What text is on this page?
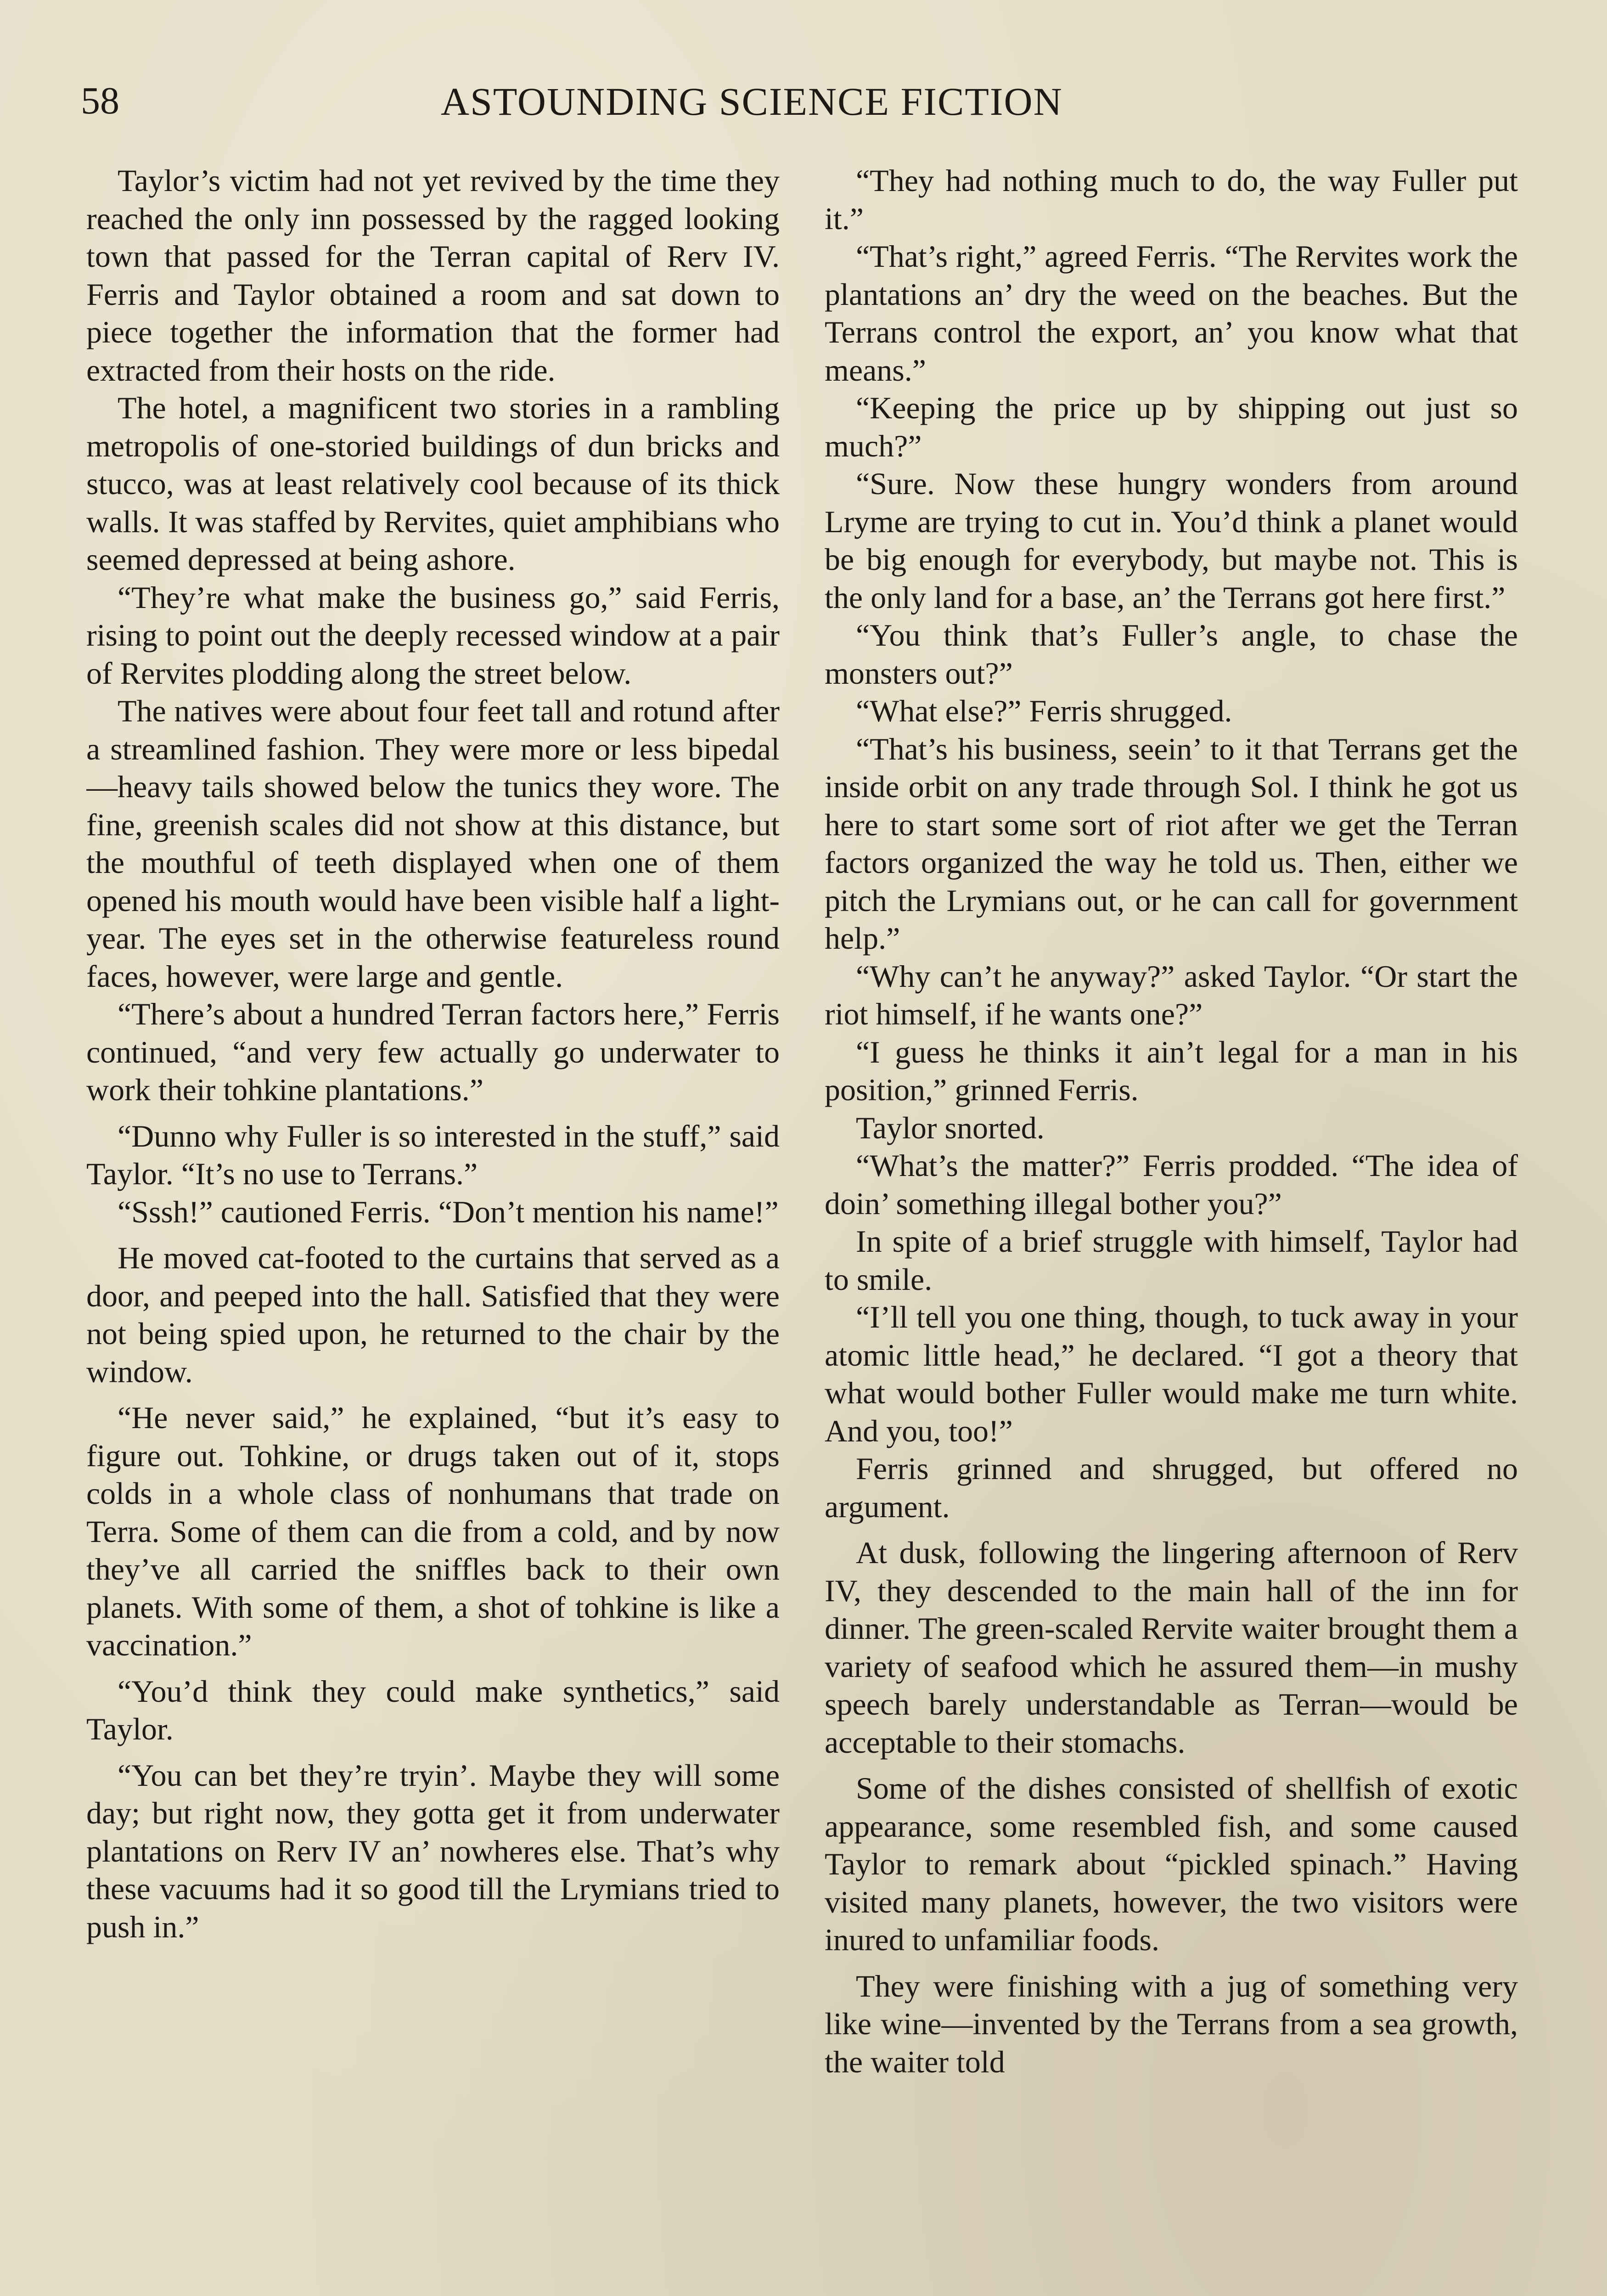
58	ASTOUNDING SCIENCE FICTION

Taylor’s victim had not yet revived by the time they reached the only inn possessed by the ragged looking town that passed for the Terran capital of Rerv IV. Ferris and Taylor obtained a room and sat down to piece together the information that the former had extracted from their hosts on the ride.

The hotel, a magnificent two stories in a rambling metropolis of one-storied buildings of dun bricks and stucco, was at least relatively cool because of its thick walls. It was staffed by Rervites, quiet amphibians who seemed depressed at being ashore.

“They’re what make the business go,” said Ferris, rising to point out the deeply recessed window at a pair of Rervites plodding along the street below.

The natives were about four feet tall and rotund after a streamlined fashion. They were more or less bipedal—heavy tails showed below the tunics they wore. The fine, greenish scales did not show at this distance, but the mouthful of teeth displayed when one of them opened his mouth would have been visible half a light-year. The eyes set in the otherwise featureless round faces, however, were large and gentle.

“There’s about a hundred Terran factors here,” Ferris continued, “and very few actually go underwater to work their tohkine plantations.”

“Dunno why Fuller is so interested in the stuff,” said Taylor. “It’s no use to Terrans.”

“Sssh!” cautioned Ferris. “Don’t mention his name!”

He moved cat-footed to the curtains that served as a door, and peeped into the hall. Satisfied that they were not being spied upon, he returned to the chair by the window.

“He never said,” he explained, “but it’s easy to figure out. Tohkine, or drugs taken out of it, stops colds in a whole class of nonhumans that trade on Terra. Some of them can die from a cold, and by now they’ve all carried the sniffles back to their own planets. With some of them, a shot of tohkine is like a vaccination.”

“You’d think they could make synthetics,” said Taylor.

“You can bet they’re tryin’. Maybe they will some day; but right now, they gotta get it from underwater plantations on Rerv IV an’ nowheres else. That’s why these vacuums had it so good till the Lrymians tried to push in.”

“They had nothing much to do, the way Fuller put it.”

“That’s right,” agreed Ferris. “The Rervites work the plantations an’ dry the weed on the beaches. But the Terrans control the export, an’ you know what that means.”

“Keeping the price up by shipping out just so much?”

“Sure. Now these hungry wonders from around Lryme are trying to cut in. You’d think a planet would be big enough for everybody, but maybe not. This is the only land for a base, an’ the Terrans got here first.”

“You think that’s Fuller’s angle, to chase the monsters out?”

“What else?” Ferris shrugged.

“That’s his business, seein’ to it that Terrans get the inside orbit on any trade through Sol. I think he got us here to start some sort of riot after we get the Terran factors organized the way he told us. Then, either we pitch the Lrymians out, or he can call for government help.”

“Why can’t he anyway?” asked Taylor. “Or start the riot himself, if he wants one?”

“I guess he thinks it ain’t legal for a man in his position,” grinned Ferris.

Taylor snorted.

“What’s the matter?” Ferris prodded. “The idea of doin’ something illegal bother you?”

In spite of a brief struggle with himself, Taylor had to smile.

“I’ll tell you one thing, though, to tuck away in your atomic little head,” he declared. “I got a theory that what would bother Fuller would make me turn white. And you, too!”

Ferris grinned and shrugged, but offered no argument.

At dusk, following the lingering afternoon of Rerv IV, they descended to the main hall of the inn for dinner. The green-scaled Rervite waiter brought them a variety of seafood which he assured them—in mushy speech barely understandable as Terran—would be acceptable to their stomachs.

Some of the dishes consisted of shellfish of exotic appearance, some resembled fish, and some caused Taylor to remark about “pickled spinach.” Having visited many planets, however, the two visitors were inured to unfamiliar foods.

They were finishing with a jug of something very like wine—invented by the Terrans from a sea growth, the waiter told
